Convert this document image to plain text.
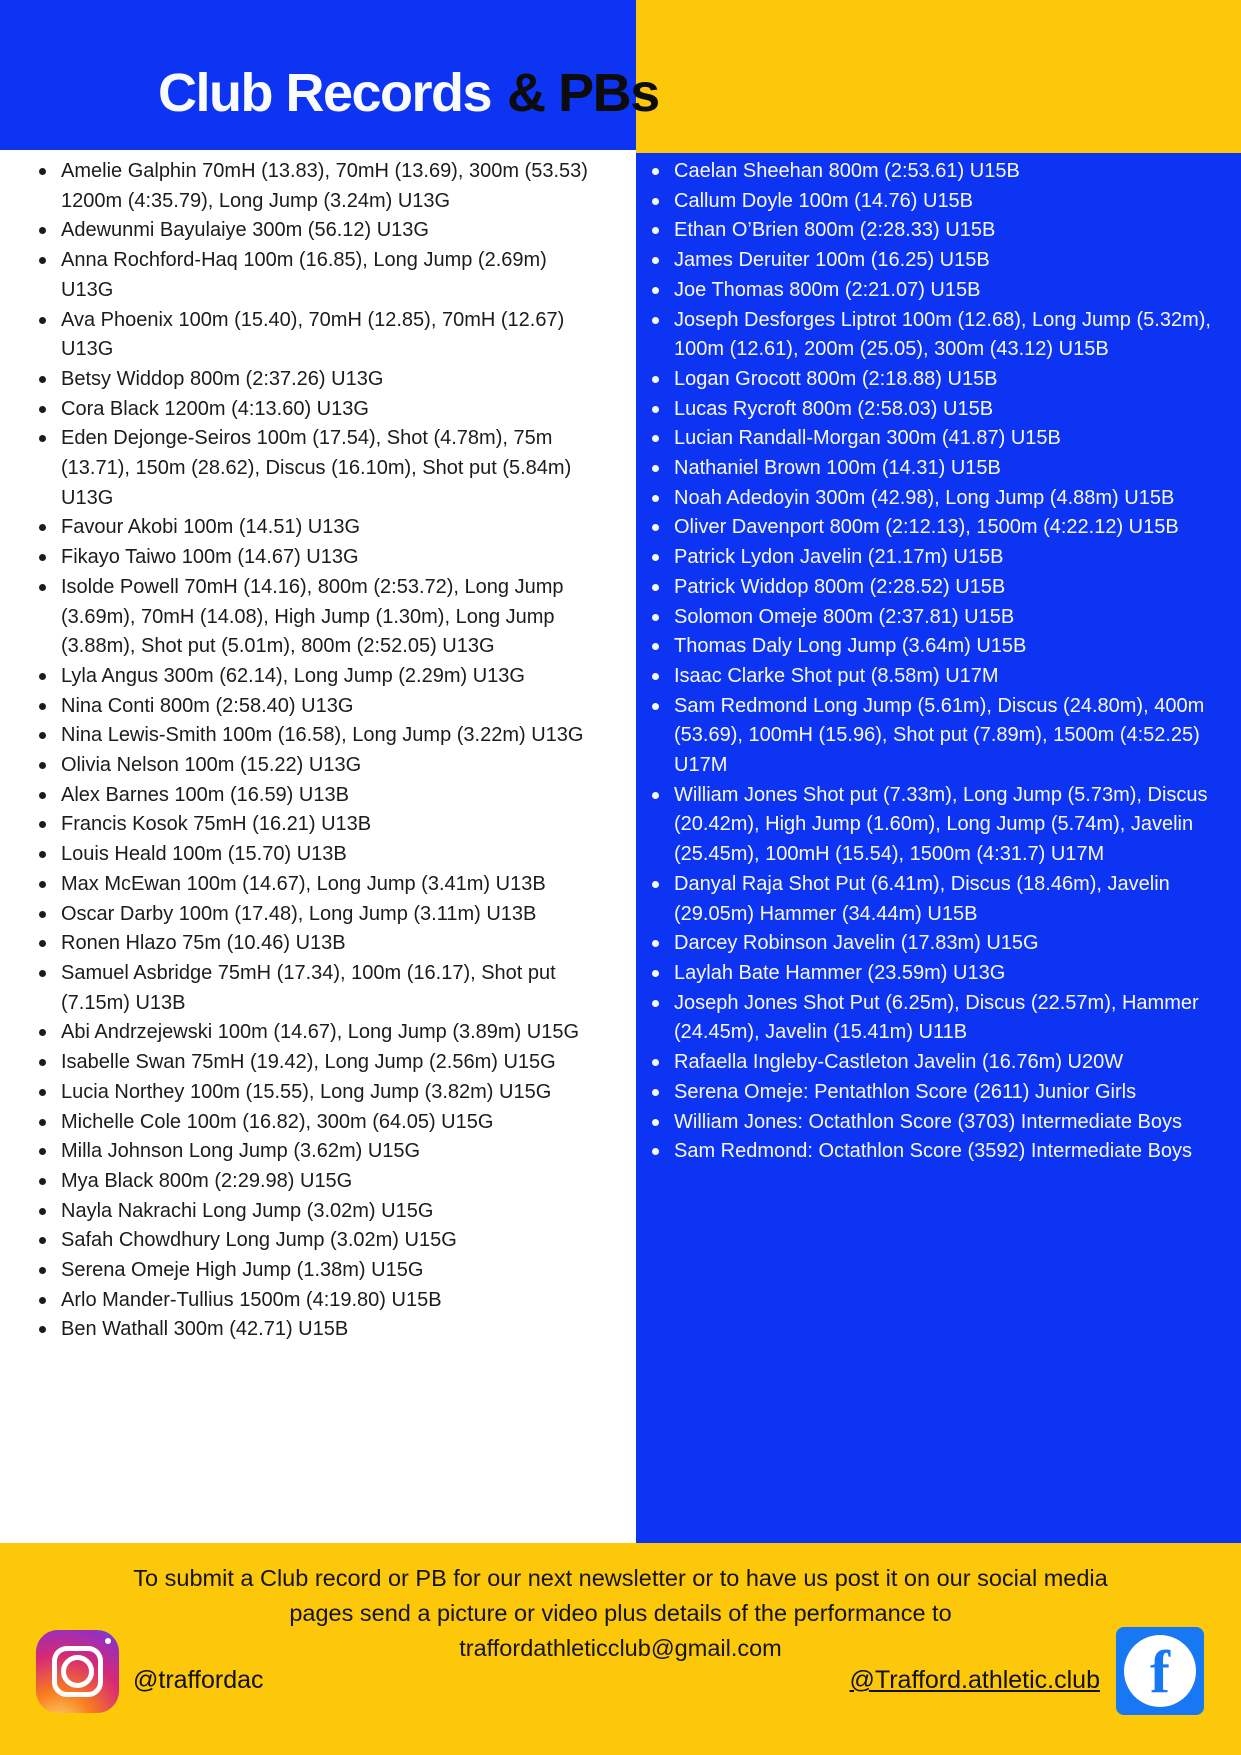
Club Records & PBs
Amelie Galphin 70mH (13.83), 70mH (13.69), 300m (53.53) 1200m (4:35.79), Long Jump (3.24m) U13G
Adewunmi Bayulaiye 300m (56.12) U13G
Anna Rochford-Haq 100m (16.85), Long Jump (2.69m) U13G
Ava Phoenix 100m (15.40), 70mH (12.85), 70mH (12.67) U13G
Betsy Widdop 800m (2:37.26) U13G
Cora Black 1200m (4:13.60) U13G
Eden Dejonge-Seiros 100m (17.54), Shot (4.78m), 75m (13.71), 150m (28.62), Discus (16.10m), Shot put (5.84m) U13G
Favour Akobi 100m (14.51) U13G
Fikayo Taiwo 100m (14.67) U13G
Isolde Powell 70mH (14.16), 800m (2:53.72), Long Jump (3.69m), 70mH (14.08), High Jump (1.30m), Long Jump (3.88m), Shot put (5.01m), 800m (2:52.05) U13G
Lyla Angus 300m (62.14), Long Jump (2.29m) U13G
Nina Conti 800m (2:58.40) U13G
Nina Lewis-Smith 100m (16.58), Long Jump (3.22m) U13G
Olivia Nelson 100m (15.22) U13G
Alex Barnes 100m (16.59) U13B
Francis Kosok 75mH (16.21) U13B
Louis Heald 100m (15.70) U13B
Max McEwan 100m (14.67), Long Jump (3.41m) U13B
Oscar Darby 100m (17.48), Long Jump (3.11m) U13B
Ronen Hlazo 75m (10.46) U13B
Samuel Asbridge 75mH (17.34), 100m (16.17), Shot put (7.15m) U13B
Abi Andrzejewski 100m (14.67), Long Jump (3.89m) U15G
Isabelle Swan 75mH (19.42), Long Jump (2.56m) U15G
Lucia Northey 100m (15.55), Long Jump (3.82m) U15G
Michelle Cole 100m (16.82), 300m (64.05) U15G
Milla Johnson Long Jump (3.62m) U15G
Mya Black 800m (2:29.98) U15G
Nayla Nakrachi Long Jump (3.02m) U15G
Safah Chowdhury Long Jump (3.02m) U15G
Serena Omeje High Jump (1.38m) U15G
Arlo Mander-Tullius 1500m (4:19.80) U15B
Ben Wathall 300m (42.71) U15B
Caelan Sheehan 800m (2:53.61) U15B
Callum Doyle 100m (14.76) U15B
Ethan O’Brien 800m (2:28.33) U15B
James Deruiter 100m (16.25) U15B
Joe Thomas 800m (2:21.07) U15B
Joseph Desforges Liptrot 100m (12.68), Long Jump (5.32m), 100m (12.61), 200m (25.05), 300m (43.12) U15B
Logan Grocott 800m (2:18.88) U15B
Lucas Rycroft 800m (2:58.03) U15B
Lucian Randall-Morgan 300m (41.87) U15B
Nathaniel Brown 100m (14.31) U15B
Noah Adedoyin 300m (42.98), Long Jump (4.88m) U15B
Oliver Davenport 800m (2:12.13), 1500m (4:22.12) U15B
Patrick Lydon Javelin (21.17m) U15B
Patrick Widdop 800m (2:28.52) U15B
Solomon Omeje 800m (2:37.81) U15B
Thomas Daly Long Jump (3.64m) U15B
Isaac Clarke Shot put (8.58m) U17M
Sam Redmond Long Jump (5.61m), Discus (24.80m), 400m (53.69), 100mH (15.96), Shot put (7.89m), 1500m (4:52.25) U17M
William Jones Shot put (7.33m), Long Jump (5.73m), Discus (20.42m), High Jump (1.60m), Long Jump (5.74m), Javelin (25.45m), 100mH (15.54), 1500m (4:31.7) U17M
Danyal Raja Shot Put (6.41m), Discus (18.46m), Javelin (29.05m) Hammer (34.44m) U15B
Darcey Robinson Javelin (17.83m) U15G
Laylah Bate Hammer (23.59m) U13G
Joseph Jones Shot Put (6.25m), Discus (22.57m), Hammer (24.45m), Javelin (15.41m) U11B
Rafaella Ingleby-Castleton Javelin (16.76m) U20W
Serena Omeje: Pentathlon Score (2611) Junior Girls
William Jones: Octathlon Score (3703) Intermediate Boys
Sam Redmond: Octathlon Score (3592) Intermediate Boys
To submit a Club record or PB for our next newsletter or to have us post it on our social media
pages send a picture or video plus details of the performance to
traffordathleticclub@gmail.com
@traffordac	@Trafford.athletic.club f
